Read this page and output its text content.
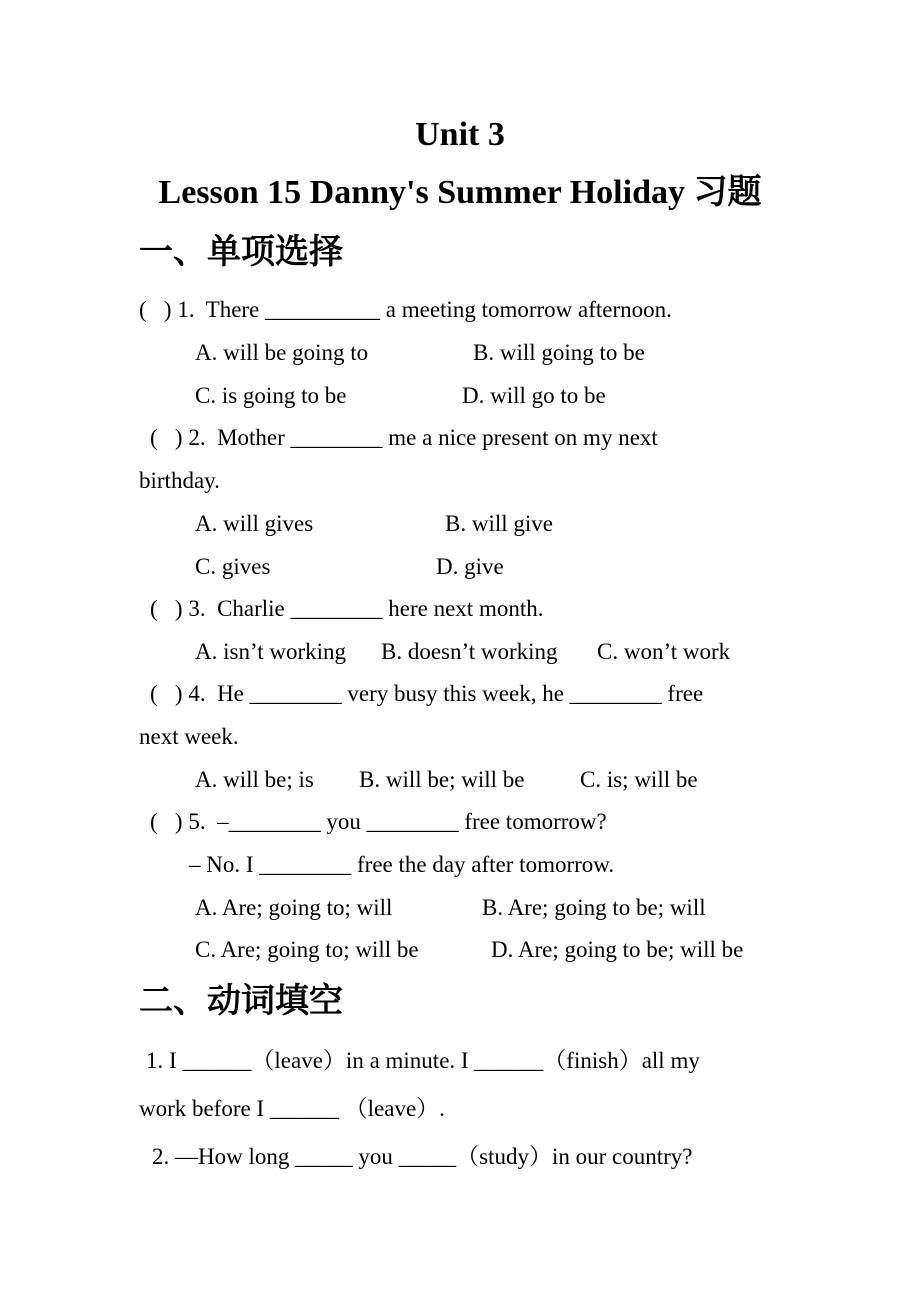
Unit 3
Lesson 15 Danny's Summer Holiday 习题
一、单项选择
(   ) 1.  There __________ a meeting tomorrow afternoon.
A. will be going to	B. will going to be
C. is going to be	D. will go to be
(   ) 2.  Mother ________ me a nice present on my next
birthday.
A. will gives	B. will give
C. gives	D. give
(   ) 3.  Charlie ________ here next month.
A. isn’t working B. doesn’t working C. won’t work
(   ) 4.  He ________ very busy this week, he ________ free
next week.
A. will be; is B. will be; will be C. is; will be
(   ) 5.  –________ you ________ free tomorrow?
– No. I ________ free the day after tomorrow.
A. Are; going to; will	B. Are; going to be; will
C. Are; going to; will be	D. Are; going to be; will be
二、动词填空
1. I ______（leave）in a minute. I ______（finish）all my
work before I ______ （leave）.
2. —How long _____ you _____（study）in our country?
